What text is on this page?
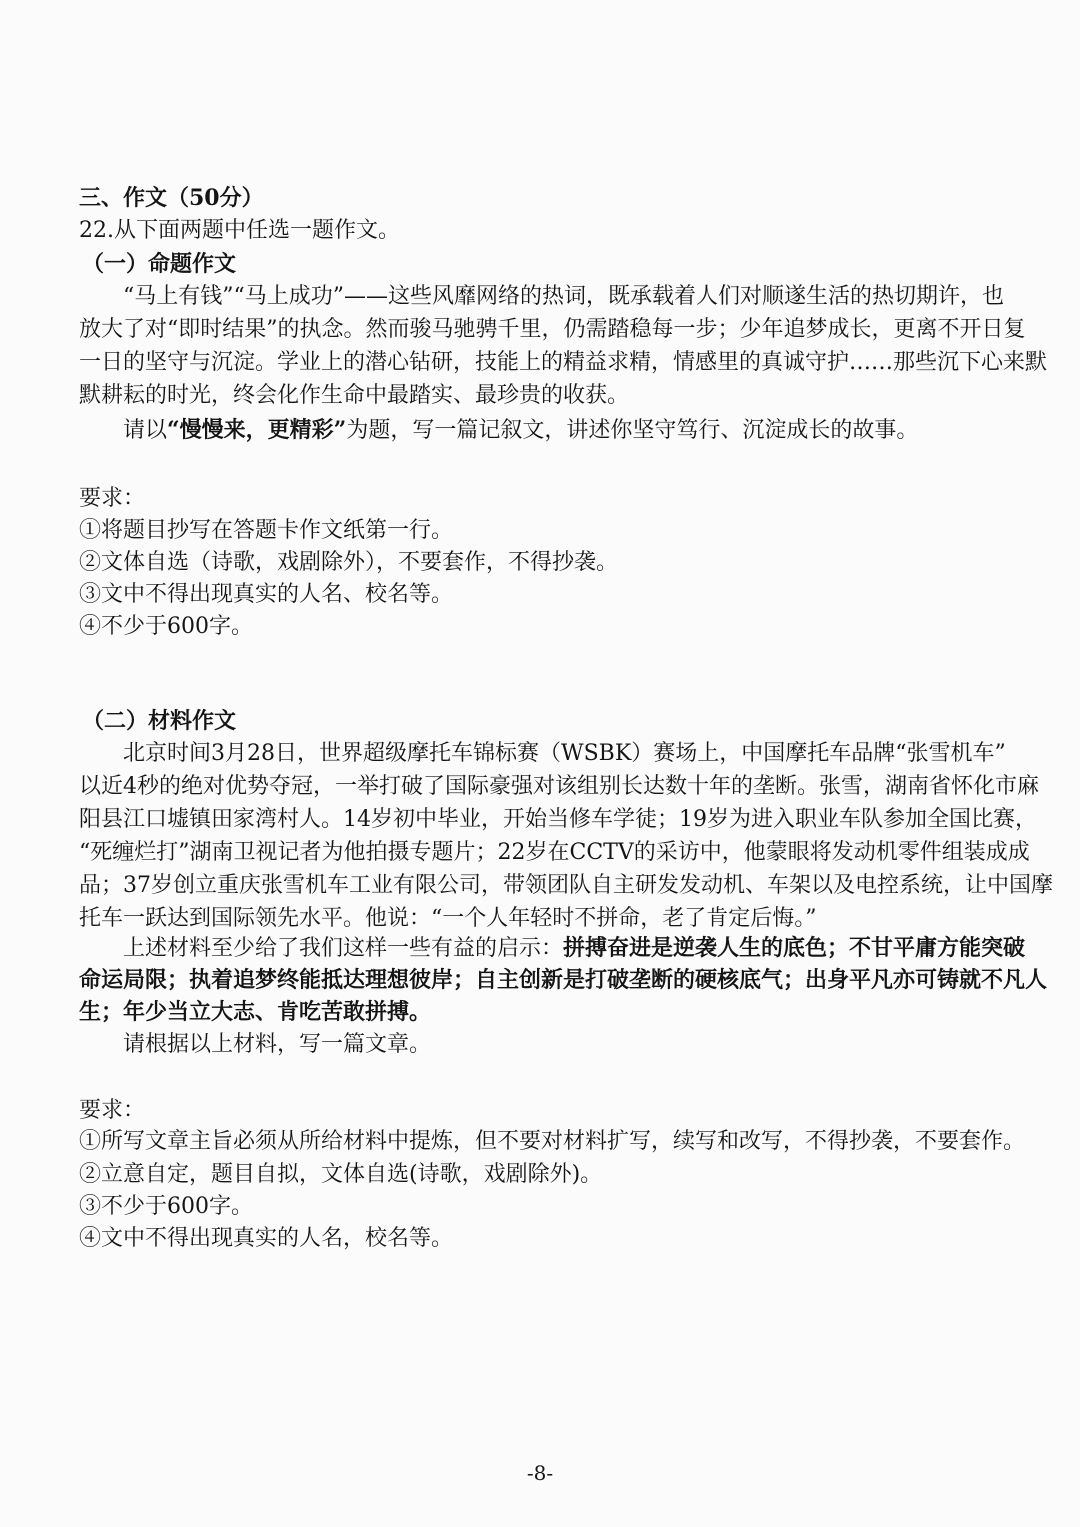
三、作文（50分）
22.从下面两题中任选一题作文。
（一）命题作文
“马上有钱”“马上成功”——这些风靡网络的热词，既承载着人们对顺遂生活的热切期许，也
放大了对“即时结果”的执念。然而骏马驰骋千里，仍需踏稳每一步；少年追梦成长，更离不开日复
一日的坚守与沉淀。学业上的潜心钻研，技能上的精益求精，情感里的真诚守护……那些沉下心来默
默耕耘的时光，终会化作生命中最踏实、最珍贵的收获。
请以“慢慢来，更精彩”为题，写一篇记叙文，讲述你坚守笃行、沉淀成长的故事。
要求：
①将题目抄写在答题卡作文纸第一行。
②文体自选（诗歌，戏剧除外），不要套作，不得抄袭。
③文中不得出现真实的人名、校名等。
④不少于600字。
（二）材料作文
北京时间3月28日，世界超级摩托车锦标赛（WSBK）赛场上，中国摩托车品牌“张雪机车”
以近4秒的绝对优势夺冠，一举打破了国际豪强对该组别长达数十年的垄断。张雪，湖南省怀化市麻
阳县江口墟镇田家湾村人。14岁初中毕业，开始当修车学徒；19岁为进入职业车队参加全国比赛，
“死缠烂打”湖南卫视记者为他拍摄专题片；22岁在CCTV的采访中，他蒙眼将发动机零件组装成成
品；37岁创立重庆张雪机车工业有限公司，带领团队自主研发发动机、车架以及电控系统，让中国摩
托车一跃达到国际领先水平。他说：“一个人年轻时不拼命，老了肯定后悔。”
上述材料至少给了我们这样一些有益的启示：拼搏奋进是逆袭人生的底色；不甘平庸方能突破
命运局限；执着追梦终能抵达理想彼岸；自主创新是打破垄断的硬核底气；出身平凡亦可铸就不凡人
生；年少当立大志、肯吃苦敢拼搏。
请根据以上材料，写一篇文章。
要求：
①所写文章主旨必须从所给材料中提炼，但不要对材料扩写，续写和改写，不得抄袭，不要套作。
②立意自定，题目自拟，文体自选(诗歌，戏剧除外)。
③不少于600字。
④文中不得出现真实的人名，校名等。
-8-
